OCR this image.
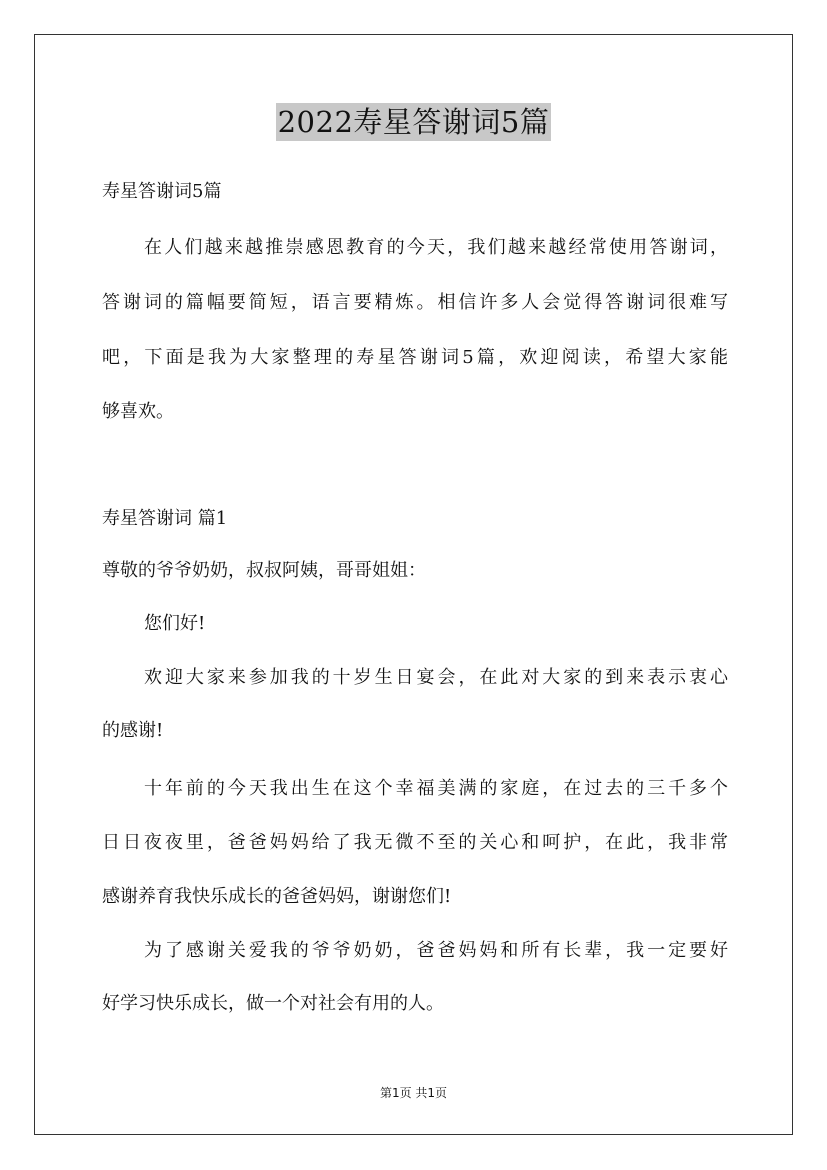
2022寿星答谢词5篇
寿星答谢词5篇
在人们越来越推崇感恩教育的今天，我们越来越经常使用答谢词，
答谢词的篇幅要简短，语言要精炼。相信许多人会觉得答谢词很难写
吧，下面是我为大家整理的寿星答谢词5篇，欢迎阅读，希望大家能
够喜欢。
寿星答谢词 篇1
尊敬的爷爷奶奶，叔叔阿姨，哥哥姐姐：
您们好!
欢迎大家来参加我的十岁生日宴会，在此对大家的到来表示衷心
的感谢!
十年前的今天我出生在这个幸福美满的家庭，在过去的三千多个
日日夜夜里，爸爸妈妈给了我无微不至的关心和呵护，在此，我非常
感谢养育我快乐成长的爸爸妈妈，谢谢您们!
为了感谢关爱我的爷爷奶奶，爸爸妈妈和所有长辈，我一定要好
好学习快乐成长，做一个对社会有用的人。
第1页 共1页
